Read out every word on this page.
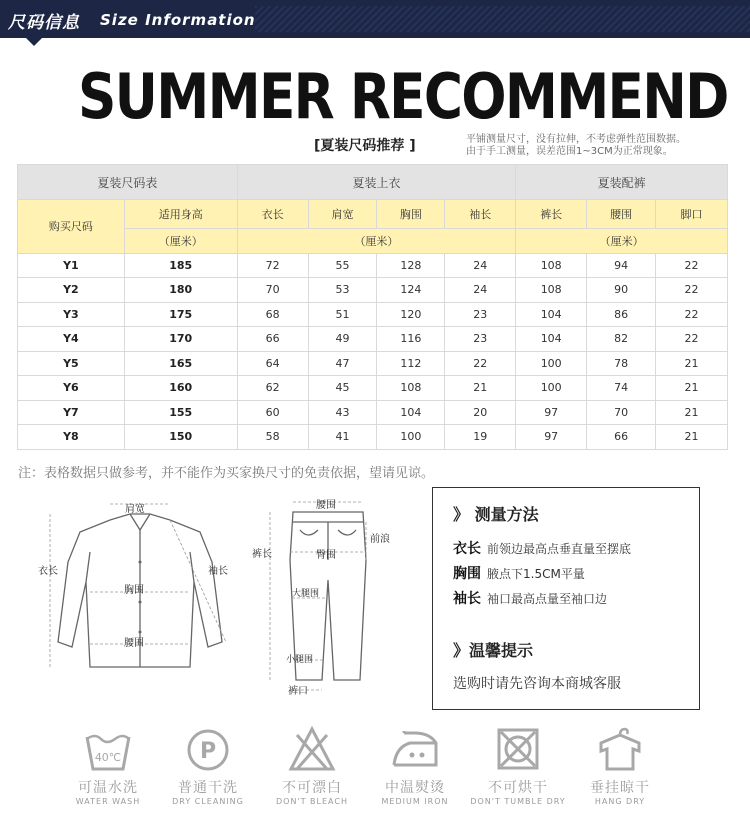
尺码信息 Size Information
SUMMER RECOMMEND
[夏装尺码推荐 ]	平铺测量尺寸，没有拉伸，不考虑弹性范围数据。
由于手工测量，误差范围1~3CM为正常现象。
夏装尺码表		夏装上衣				夏装配裤		
购买尺码	适用身高	衣长	肩宽	胸围	袖长	裤长	腰围	脚口
	（厘米）	（厘米）				（厘米）		
Y1	185	72	55	128	24	108	94	22
Y2	180	70	53	124	24	108	90	22
Y3	175	68	51	120	23	104	86	22
Y4	170	66	49	116	23	104	82	22
Y5	165	64	47	112	22	100	78	21
Y6	160	62	45	108	21	100	74	21
Y7	155	60	43	104	20	97	70	21
Y8	150	58	41	100	19	97	66	21
注：表格数据只做参考，并不能作为买家换尺寸的免责依据，望请见谅。
肩宽
衣长	袖长
胸围
腰围
腰围
裤长
前浪
臀围
大腿围
小腿围
裤口
》 测量方法
衣长 前领边最高点垂直量至摆底
胸围 腋点下1.5CM平量
袖长 袖口最高点量至袖口边
》温馨提示
选购时请先咨询本商城客服
40℃
可温水洗
WATER WASH
P
普通干洗
DRY CLEANING
不可漂白
DON'T BLEACH
中温熨烫
MEDIUM IRON
不可烘干
DON'T TUMBLE DRY
垂挂晾干
HANG DRY
